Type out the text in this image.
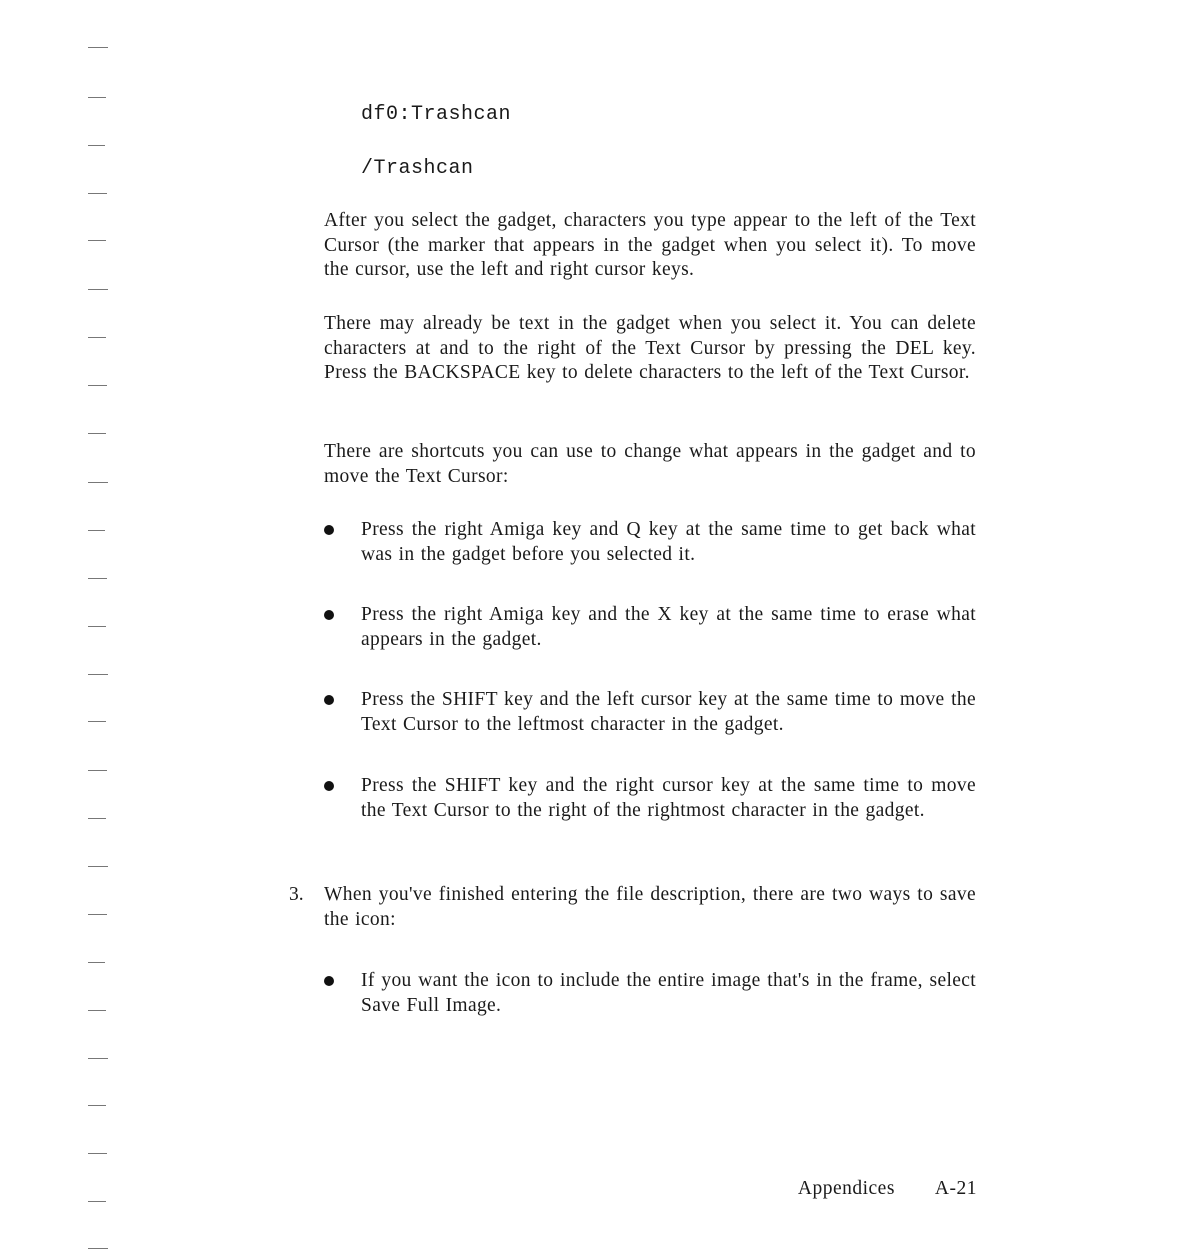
df0:Trashcan

/Trashcan

After you select the gadget, characters you type appear to the left of the Text Cursor (the marker that appears in the gadget when you select it). To move the cursor, use the left and right cursor keys.

There may already be text in the gadget when you select it. You can delete characters at and to the right of the Text Cursor by pressing the DEL key. Press the BACKSPACE key to delete characters to the left of the Text Cursor.

There are shortcuts you can use to change what appears in the gadget and to move the Text Cursor:

Press the right Amiga key and Q key at the same time to get back what was in the gadget before you selected it.

Press the right Amiga key and the X key at the same time to erase what appears in the gadget.

Press the SHIFT key and the left cursor key at the same time to move the Text Cursor to the leftmost character in the gadget.

Press the SHIFT key and the right cursor key at the same time to move the Text Cursor to the right of the rightmost character in the gadget.

3. When you've finished entering the file description, there are two ways to save the icon:

If you want the icon to include the entire image that's in the frame, select Save Full Image.

Appendices A-21
